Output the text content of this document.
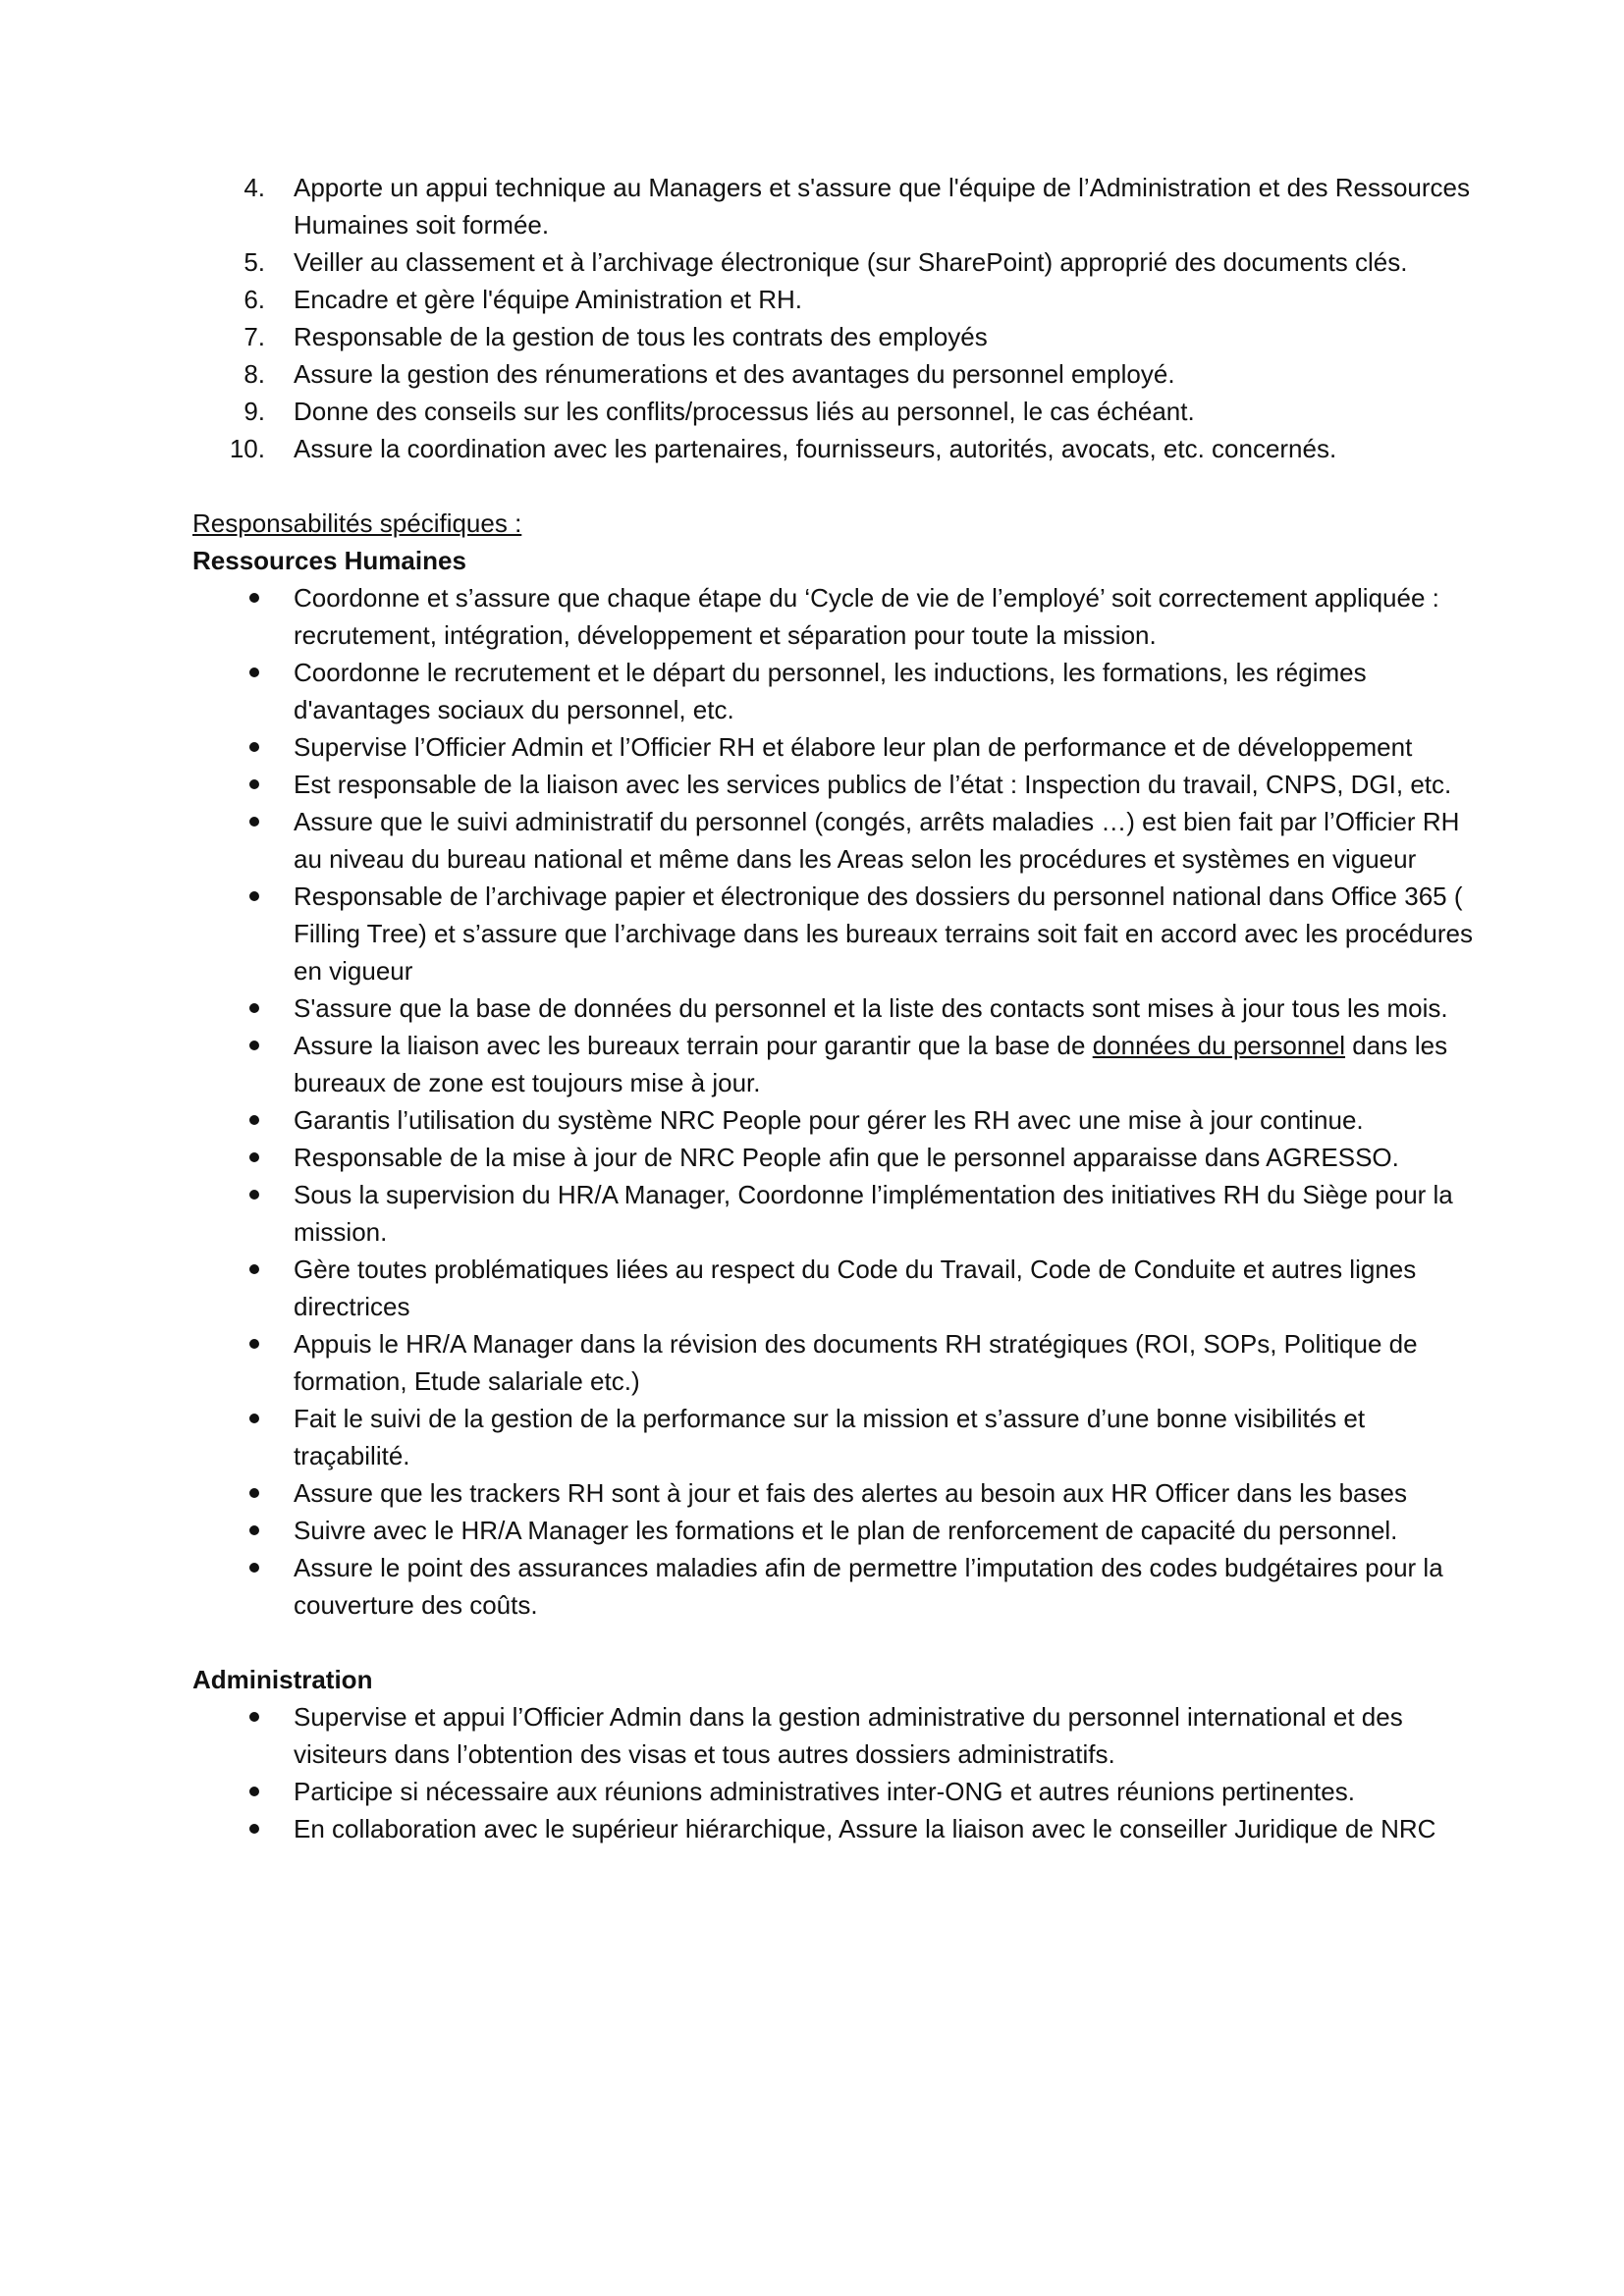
4. Apporte un appui technique au Managers et s'assure que l'équipe de l’Administration et des Ressources Humaines soit formée.
5. Veiller au classement et à l’archivage électronique (sur SharePoint) approprié des documents clés.
6. Encadre et gère l'équipe Aministration et RH.
7. Responsable de la gestion de tous les contrats des employés
8. Assure la gestion des rénumerations et des avantages du personnel employé.
9. Donne des conseils sur les conflits/processus liés au personnel, le cas échéant.
10. Assure la coordination avec les partenaires, fournisseurs, autorités, avocats, etc. concernés.
Responsabilités spécifiques :
Ressources Humaines
Coordonne et s’assure que chaque étape du ‘Cycle de vie de l’employé’ soit correctement appliquée : recrutement, intégration, développement et séparation pour toute la mission.
Coordonne le recrutement et le départ du personnel, les inductions, les formations, les régimes d'avantages sociaux du personnel, etc.
Supervise l’Officier Admin et l’Officier RH et élabore leur plan de performance et de développement
Est responsable de la liaison avec les services publics de l’état : Inspection du travail, CNPS, DGI, etc.
Assure que le suivi administratif du personnel (congés, arrêts maladies …) est bien fait par l’Officier RH au niveau du bureau national et même dans les Areas selon les procédures et systèmes en vigueur
Responsable de l’archivage papier et électronique des dossiers du personnel national dans Office 365 ( Filling Tree) et s’assure que l’archivage dans les bureaux terrains soit fait en accord avec les procédures en vigueur
S'assure que la base de données du personnel et la liste des contacts sont mises à jour tous les mois.
Assure la liaison avec les bureaux terrain pour garantir que la base de données du personnel dans les bureaux de zone est toujours mise à jour.
Garantis l’utilisation du système NRC People pour gérer les RH avec une mise à jour continue.
Responsable de la mise à jour de NRC People afin que le personnel apparaisse dans AGRESSO.
Sous la supervision du HR/A Manager, Coordonne l’implémentation des initiatives RH du Siège pour la mission.
Gère toutes problématiques liées au respect du Code du Travail, Code de Conduite et autres lignes directrices
Appuis le HR/A Manager dans la révision des documents RH stratégiques (ROI, SOPs, Politique de formation, Etude salariale etc.)
Fait le suivi de la gestion de la performance sur la mission et s’assure d’une bonne visibilités et traçabilité.
Assure que les trackers RH sont à jour et fais des alertes au besoin aux HR Officer dans les bases
Suivre avec le HR/A Manager les formations et le plan de renforcement de capacité du personnel.
Assure le point des assurances maladies afin de permettre l’imputation des codes budgétaires pour la couverture des coûts.
Administration
Supervise et appui l’Officier Admin dans la gestion administrative du personnel international et des visiteurs dans l’obtention des visas et tous autres dossiers administratifs.
Participe si nécessaire aux réunions administratives inter-ONG et autres réunions pertinentes.
En collaboration avec le supérieur hiérarchique, Assure la liaison avec le conseiller Juridique de NRC
